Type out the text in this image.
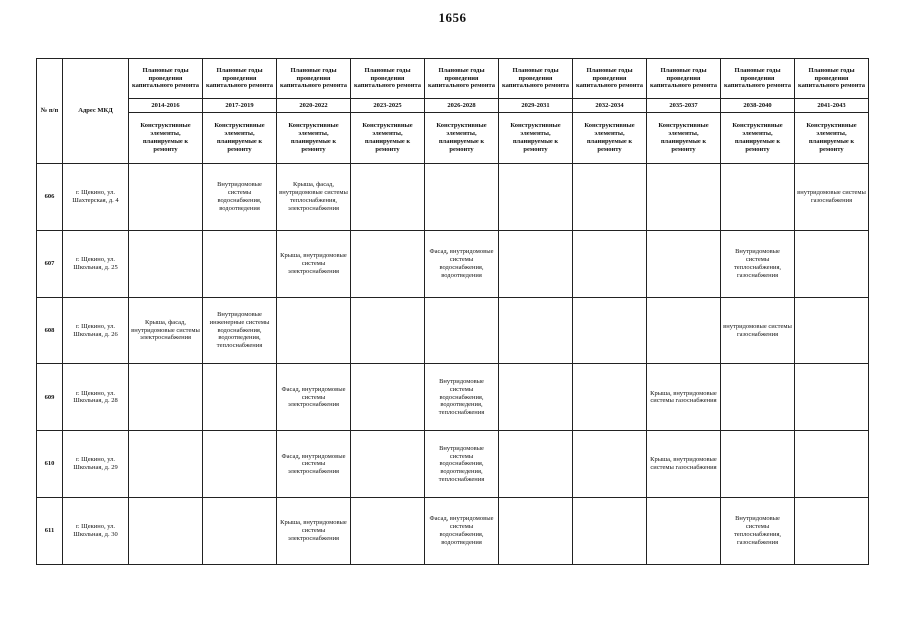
1656
№ п/п	Адрес МКД	Плановые годы проведения капитального ремонта	Плановые годы проведения капитального ремонта	Плановые годы проведения капитального ремонта	Плановые годы проведения капитального ремонта	Плановые годы проведения капитального ремонта	Плановые годы проведения капитального ремонта	Плановые годы проведения капитального ремонта	Плановые годы проведения капитального ремонта	Плановые годы проведения капитального ремонта	Плановые годы проведения капитального ремонта
		2014-2016	2017-2019	2020-2022	2023-2025	2026-2028	2029-2031	2032-2034	2035-2037	2038-2040	2041-2043
		Конструктивные элементы, планируемые к ремонту	Конструктивные элементы, планируемые к ремонту	Конструктивные элементы, планируемые к ремонту	Конструктивные элементы, планируемые к ремонту	Конструктивные элементы, планируемые к ремонту	Конструктивные элементы, планируемые к ремонту	Конструктивные элементы, планируемые к ремонту	Конструктивные элементы, планируемые к ремонту	Конструктивные элементы, планируемые к ремонту	Конструктивные элементы, планируемые к ремонту
606	г. Щекино, ул. Шахтерская, д. 4		Внутридомовые системы водоснабжения, водоотведения	Крыша, фасад, внутридомовые системы теплоснабжения, электроснабжения							внутридомовые системы газоснабжения
607	г. Щекино, ул. Школьная, д. 25			Крыша, внутридомовые системы электроснабжения		Фасад, внутридомовые системы водоснабжения, водоотведения				Внутридомовые системы теплоснабжения, газоснабжения	
608	г. Щекино, ул. Школьная, д. 26	Крыша, фасад, внутридомовые системы электроснабжения	Внутридомовые инженерные системы водоснабжения, водоотведения, теплоснабжения							внутридомовые системы газоснабжения	
609	г. Щекино, ул. Школьная, д. 28			Фасад, внутридомовые системы электроснабжения		Внутридомовые системы водоснабжения, водоотведения, теплоснабжения			Крыша, внутридомовые системы газоснабжения		
610	г. Щекино, ул. Школьная, д. 29			Фасад, внутридомовые системы электроснабжения		Внутридомовые системы водоснабжения, водоотведения, теплоснабжения			Крыша, внутридомовые системы газоснабжения		
611	г. Щекино, ул. Школьная, д. 30			Крыша, внутридомовые системы электроснабжения		Фасад, внутридомовые системы водоснабжения, водоотведения				Внутридомовые системы теплоснабжения, газоснабжения	
